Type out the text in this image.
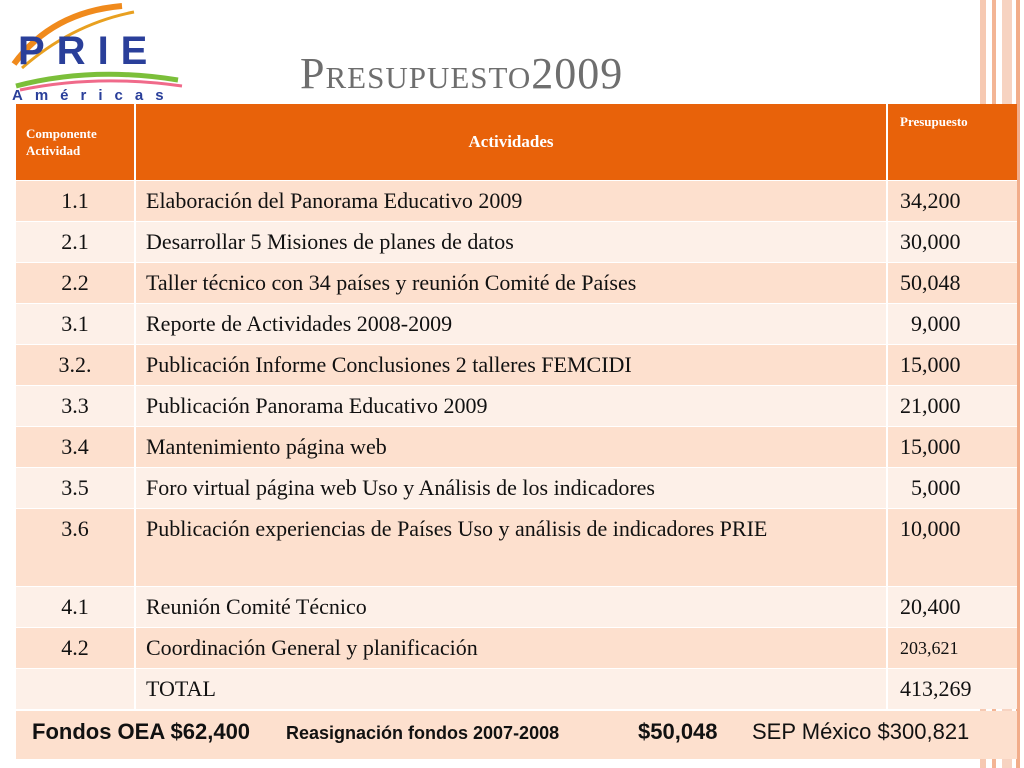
PRIE
Américas	Presupuesto2009
Componente Actividad	Actividades	Presupuesto
1.1	Elaboración del Panorama Educativo 2009	34,200
2.1	Desarrollar 5 Misiones de planes de datos	30,000
2.2	Taller técnico con 34 países y reunión Comité de Países	50,048
3.1	Reporte de Actividades 2008-2009	9,000
3.2.	Publicación Informe Conclusiones 2 talleres FEMCIDI	15,000
3.3	Publicación Panorama Educativo 2009	21,000
3.4	Mantenimiento página web	15,000
3.5	Foro virtual página web Uso y Análisis de los indicadores	5,000
3.6	Publicación experiencias de Países Uso y análisis de indicadores PRIE	10,000
4.1	Reunión Comité Técnico	20,400
4.2	Coordinación General y planificación	203,621
	TOTAL	413,269
Fondos OEA $62,400 Reasignación fondos 2007-2008	$50,048 SEP México $300,821
